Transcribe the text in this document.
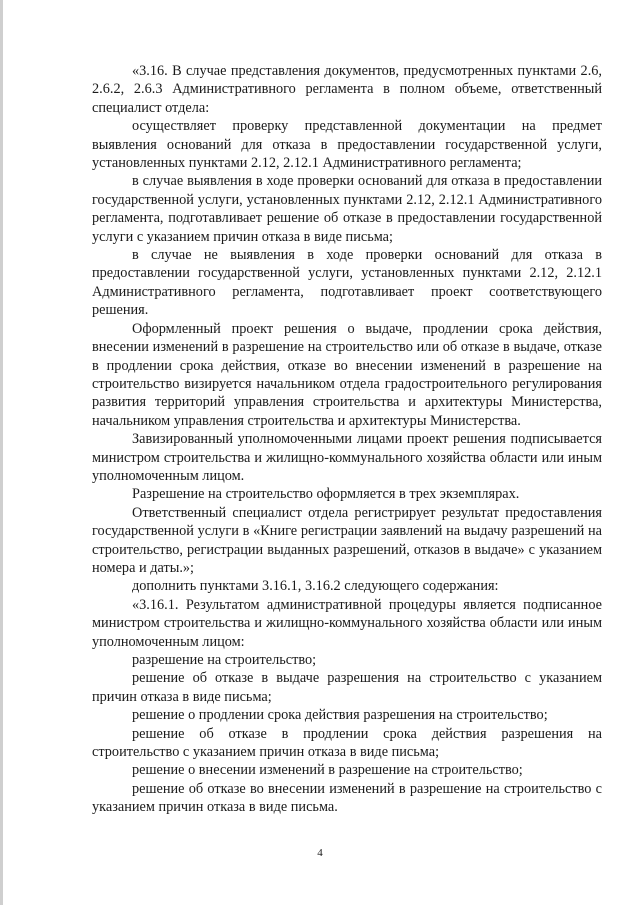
«3.16. В случае представления документов, предусмотренных пунктами 2.6, 2.6.2, 2.6.3 Административного регламента в полном объеме, ответственный специалист отдела:

осуществляет проверку представленной документации на предмет выявления оснований для отказа в предоставлении государственной услуги, установленных пунктами 2.12, 2.12.1 Административного регламента;

в случае выявления в ходе проверки оснований для отказа в предоставлении государственной услуги, установленных пунктами 2.12, 2.12.1 Административного регламента, подготавливает решение об отказе в предоставлении государственной услуги с указанием причин отказа в виде письма;

в случае не выявления в ходе проверки оснований для отказа в предоставлении государственной услуги, установленных пунктами 2.12, 2.12.1 Административного регламента, подготавливает проект соответствующего решения.

Оформленный проект решения о выдаче, продлении срока действия, внесении изменений в разрешение на строительство или об отказе в выдаче, отказе в продлении срока действия, отказе во внесении изменений в разрешение на строительство визируется начальником отдела градостроительного регулирования развития территорий управления строительства и архитектуры Министерства, начальником управления строительства и архитектуры Министерства.

Завизированный уполномоченными лицами проект решения подписывается министром строительства и жилищно-коммунального хозяйства области или иным уполномоченным лицом.

Разрешение на строительство оформляется в трех экземплярах.

Ответственный специалист отдела регистрирует результат предоставления государственной услуги в «Книге регистрации заявлений на выдачу разрешений на строительство, регистрации выданных разрешений, отказов в выдаче» с указанием номера и даты.»;

дополнить пунктами 3.16.1, 3.16.2 следующего содержания:

«3.16.1. Результатом административной процедуры является подписанное министром строительства и жилищно-коммунального хозяйства области или иным уполномоченным лицом:

разрешение на строительство;

решение об отказе в выдаче разрешения на строительство с указанием причин отказа в виде письма;

решение о продлении срока действия разрешения на строительство;

решение об отказе в продлении срока действия разрешения на строительство с указанием причин отказа в виде письма;

решение о внесении изменений в разрешение на строительство;

решение об отказе во внесении изменений в разрешение на строительство с указанием причин отказа в виде письма.

4
